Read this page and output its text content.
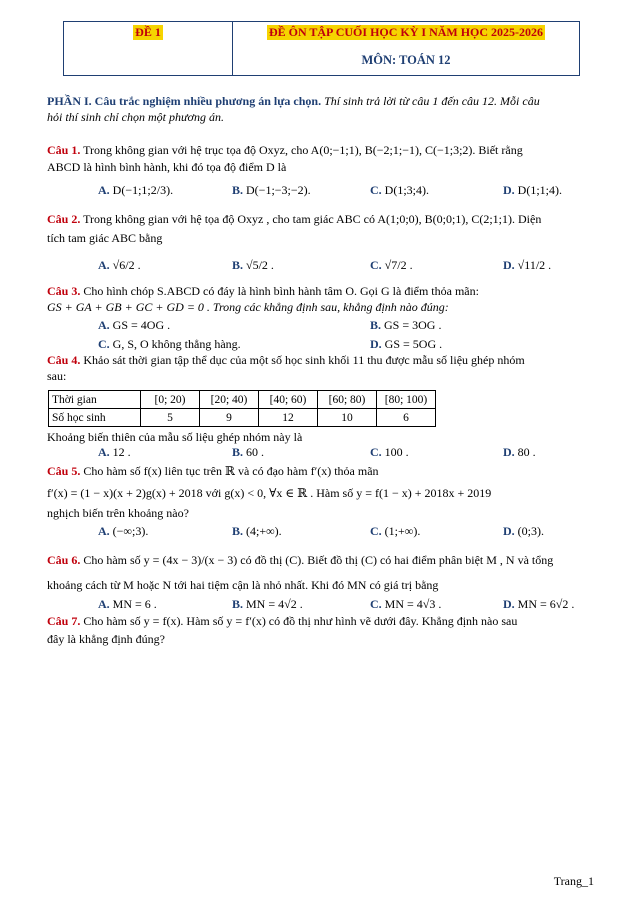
ĐỀ 1	ĐỀ ÔN TẬP CUỐI HỌC KỲ I NĂM HỌC 2025-2026
MÔN: TOÁN 12
PHẦN I. Câu trắc nghiệm nhiều phương án lựa chọn. Thí sinh trả lời từ câu 1 đến câu 12. Mỗi câu
hỏi thí sinh chỉ chọn một phương án.
Câu 1. Trong không gian với hệ trục tọa độ Oxyz, cho A(0;−1;1), B(−2;1;−1), C(−1;3;2). Biết rằng
ABCD là hình bình hành, khi đó tọa độ điểm D là
A. D(−1;1;2/3).	B. D(−1;−3;−2).	C. D(1;3;4).	D. D(1;1;4).
Câu 2. Trong không gian với hệ tọa độ Oxyz , cho tam giác ABC có A(1;0;0), B(0;0;1), C(2;1;1). Diện
tích tam giác ABC bằng
A. √6/2 .	B. √5/2 .	C. √7/2 .	D. √11/2 .
Câu 3. Cho hình chóp S.ABCD có đáy là hình bình hành tâm O. Gọi G là điểm thỏa mãn:
GS + GA + GB + GC + GD = 0 . Trong các khẳng định sau, khẳng định nào đúng:
A. GS = 4OG .	B. GS = 3OG .
C. G, S, O không thẳng hàng.	D. GS = 5OG .
Câu 4. Khảo sát thời gian tập thể dục của một số học sinh khối 11 thu được mẫu số liệu ghép nhóm
sau:
Thời gian	[0; 20)	[20; 40)	[40; 60)	[60; 80)	[80; 100)
Số học sinh	5	9	12	10	6
Khoảng biến thiên của mẫu số liệu ghép nhóm này là
A. 12 .	B. 60 .	C. 100 .	D. 80 .
Câu 5. Cho hàm số f(x) liên tục trên ℝ và có đạo hàm f′(x) thỏa mãn
f′(x) = (1 − x)(x + 2)g(x) + 2018 với g(x) < 0, ∀x ∈ ℝ . Hàm số y = f(1 − x) + 2018x + 2019
nghịch biến trên khoảng nào?
A. (−∞;3).	B. (4;+∞).	C. (1;+∞).	D. (0;3).
Câu 6. Cho hàm số y = (4x − 3)/(x − 3) có đồ thị (C). Biết đồ thị (C) có hai điểm phân biệt M , N và tổng
khoảng cách từ M hoặc N tới hai tiệm cận là nhỏ nhất. Khi đó MN có giá trị bằng
A. MN = 6 .	B. MN = 4√2 .	C. MN = 4√3 .	D. MN = 6√2 .
Câu 7. Cho hàm số y = f(x). Hàm số y = f′(x) có đồ thị như hình vẽ dưới đây. Khẳng định nào sau
đây là khẳng định đúng?
Trang_1
